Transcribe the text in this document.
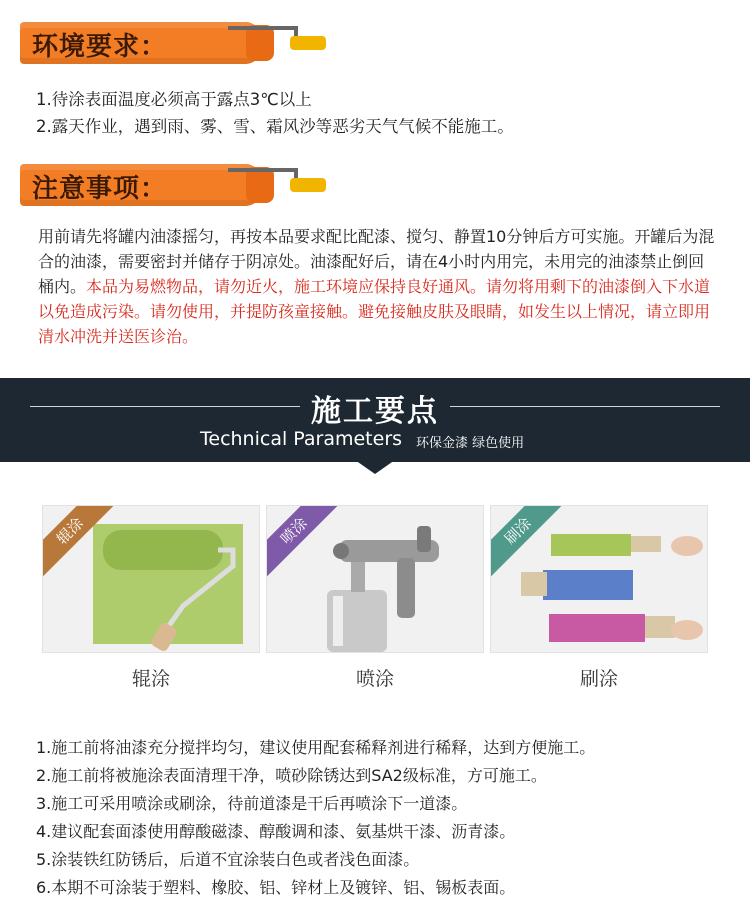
环境要求：
1.待涂表面温度必须高于露点3℃以上
2.露天作业，遇到雨、雾、雪、霜风沙等恶劣天气气候不能施工。
注意事项：
用前请先将罐内油漆摇匀，再按本品要求配比配漆、搅匀、静置10分钟后方可实施。开罐后为混合的油漆，需要密封并储存于阴凉处。油漆配好后，请在4小时内用完，未用完的油漆禁止倒回桶内。本品为易燃物品，请勿近火，施工环境应保持良好通风。请勿将用剩下的油漆倒入下水道以免造成污染。请勿使用，并提防孩童接触。避免接触皮肤及眼睛，如发生以上情况，请立即用清水冲洗并送医诊治。
施工要点
Technical Parameters 环保金漆 绿色使用
辊涂
辊涂
喷涂
喷涂
刷涂
刷涂
1.施工前将油漆充分搅拌均匀，建议使用配套稀释剂进行稀释，达到方便施工。
2.施工前将被施涂表面清理干净，喷砂除锈达到SA2级标准，方可施工。
3.施工可采用喷涂或刷涂，待前道漆是干后再喷涂下一道漆。
4.建议配套面漆使用醇酸磁漆、醇酸调和漆、氨基烘干漆、沥青漆。
5.涂装铁红防锈后，后道不宜涂装白色或者浅色面漆。
6.本期不可涂装于塑料、橡胶、铝、锌材上及镀锌、铝、锡板表面。
